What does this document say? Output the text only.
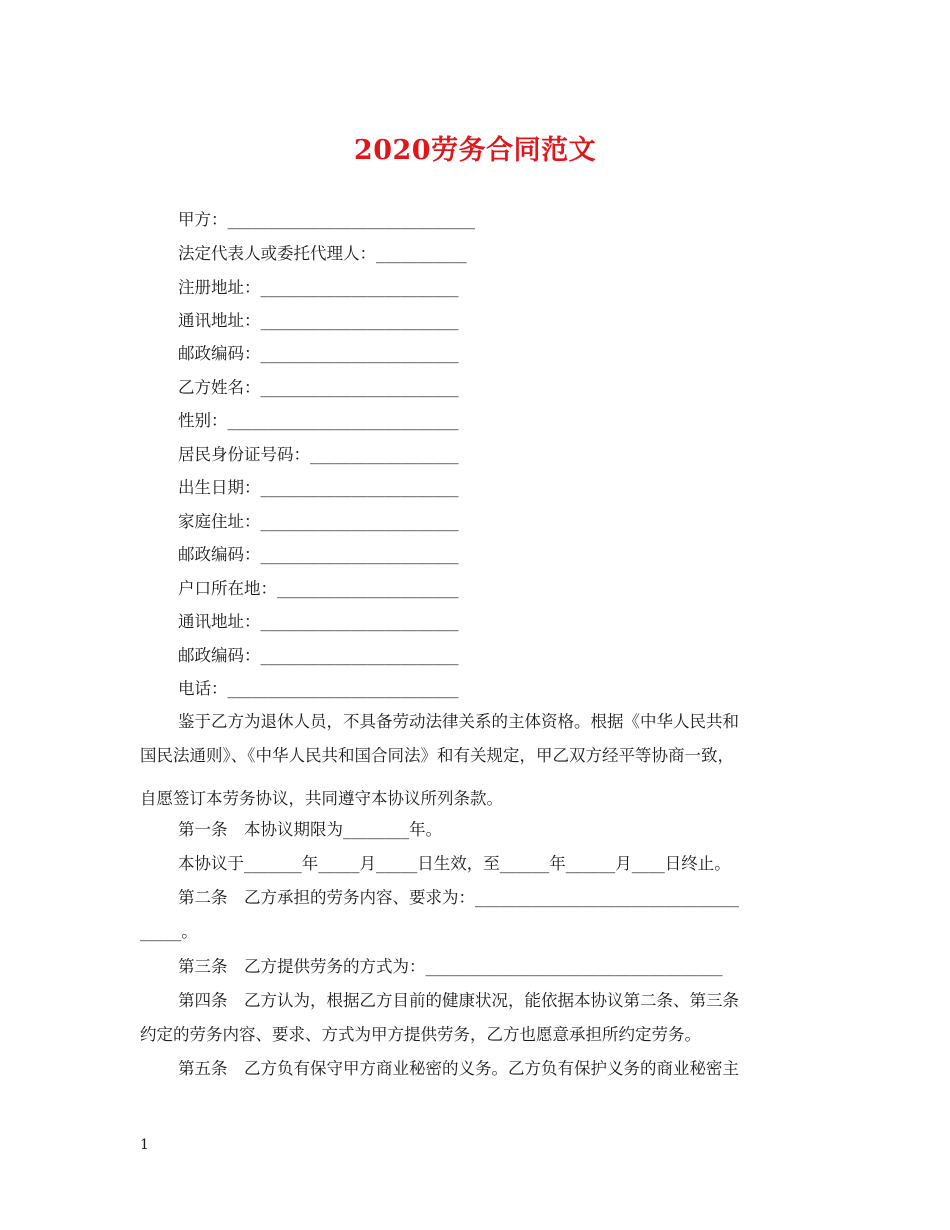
2020劳务合同范文
甲方：______________________________
法定代表人或委托代理人：___________
注册地址：________________________
通讯地址：________________________
邮政编码：________________________
乙方姓名：________________________
性别：____________________________
居民身份证号码：__________________
出生日期：________________________
家庭住址：________________________
邮政编码：________________________
户口所在地：______________________
通讯地址：________________________
邮政编码：________________________
电话：____________________________
鉴于乙方为退休人员，不具备劳动法律关系的主体资格。根据《中华人民共和
国民法通则》、《中华人民共和国合同法》和有关规定，甲乙双方经平等协商一致，
自愿签订本劳务协议，共同遵守本协议所列条款。
第一条　本协议期限为________年。
本协议于_______年_____月_____日生效，至______年______月____日终止。
第二条　乙方承担的劳务内容、要求为：________________________________
_____。
第三条　乙方提供劳务的方式为：____________________________________
第四条　乙方认为，根据乙方目前的健康状况，能依据本协议第二条、第三条
约定的劳务内容、要求、方式为甲方提供劳务，乙方也愿意承担所约定劳务。
第五条　乙方负有保守甲方商业秘密的义务。乙方负有保护义务的商业秘密主
1
